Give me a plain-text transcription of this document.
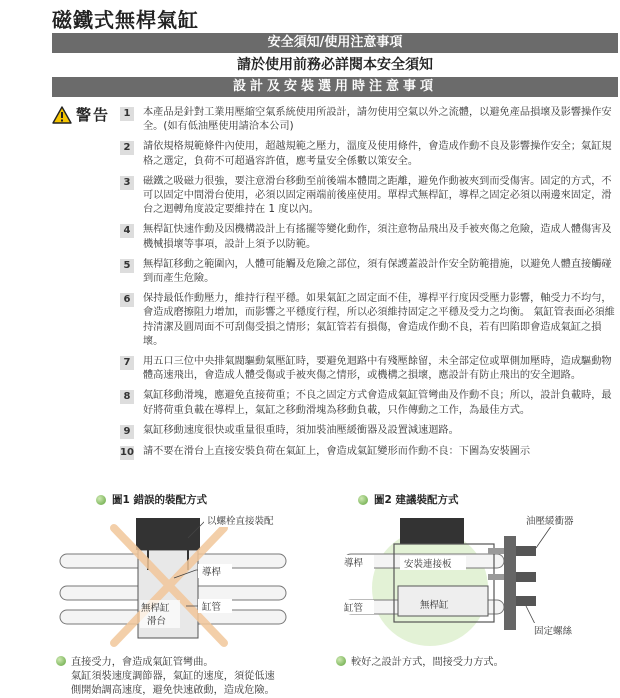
磁鐵式無桿氣缸
安全須知/使用注意事項
請於使用前務必詳閱本安全須知
設計及安裝選用時注意事項
警告	1	本產品是針對工業用壓縮空氣系統使用所設計，請勿使用空氣以外之流體，以避免產品損壞及影響操作安全。(如有低油壓使用請洽本公司)
2	請依規格規範條件內使用，超越規範之壓力，溫度及使用條件，會造成作動不良及影響操作安全；氣缸規格之選定，負荷不可超過容許值，應考量安全係數以策安全。
3	磁鐵之吸磁力很強，要注意滑台移動至前後端本體間之距離，避免作動被夾到而受傷害。固定的方式，不可以固定中間滑台使用，必須以固定兩端前後座使用。單桿式無桿缸，導桿之固定必須以兩邊來固定，滑台之迴轉角度設定要維持在 1 度以內。
4	無桿缸快速作動及因機構設計上有搖擺等變化動作，須注意物品飛出及手被夾傷之危險，造成人體傷害及機械損壞等事項，設計上須予以防範。
5	無桿缸移動之範圍內，人體可能觸及危險之部位，須有保護蓋設計作安全防範措施，以避免人體直接觸碰到而產生危險。
6	保持最低作動壓力，維持行程平穩。如果氣缸之固定面不佳，導桿平行度因受壓力影響，軸受力不均勻，會造成磨擦阻力增加，而影響之平穩度行程，所以必須維持固定之平穩及受力之均衡。 氣缸管表面必須維持清潔及圓周面不可刮傷受損之情形；氣缸管若有損傷，會造成作動不良，若有凹陷即會造成氣缸之損壞。
7	用五口三位中央排氣閥驅動氣壓缸時，要避免迴路中有殘壓餘留，未全部定位或單側加壓時，造成驅動物體高速飛出，會造成人體受傷或手被夾傷之情形，或機構之損壞，應設計有防止飛出的安全迴路。
8	氣缸移動滑塊，應避免直接荷重；不良之固定方式會造成氣缸管彎曲及作動不良；所以，設計負載時，最好將荷重負載在導桿上，氣缸之移動滑塊為移動負載，只作傳動之工作，為最佳方式。
9	氣缸移動速度很快或重量很重時，須加裝油壓緩衝器及設置減速迴路。
10 請不要在滑台上直接安裝負荷在氣缸上，會造成氣缸變形而作動不良：下圖為安裝圖示
圖1 錯誤的裝配方式	圖2 建議裝配方式
以螺栓直接裝配
導桿
缸管
無桿缸
滑台
油壓緩衝器
導桿	安裝連接板
缸管	無桿缸
固定螺絲
直接受力，會造成氣缸管彎曲。
氣缸須裝速度調節器，氣缸的速度，須從低速
側開始調高速度，避免快速啟動，造成危險。
較好之設計方式，間接受力方式。
